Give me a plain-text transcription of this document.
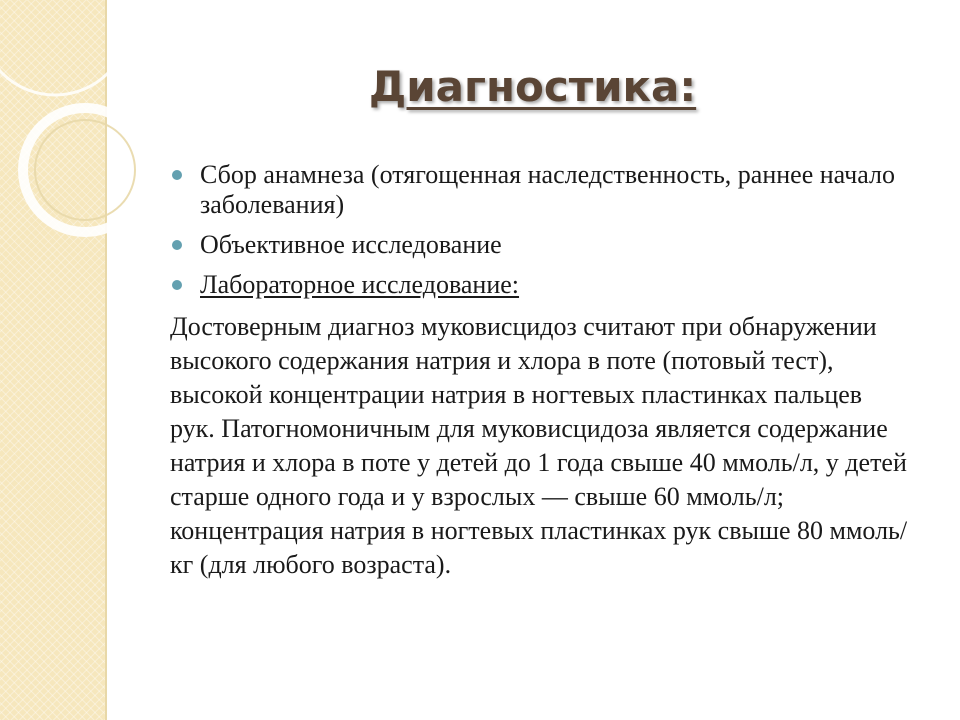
Диагностика:
Сбор анамнеза (отягощенная наследственность, раннее начало заболевания)
Объективное исследование
Лабораторное исследование:

Достоверным диагноз муковисцидоз считают при обнаружении высокого содержания натрия и хлора в поте (потовый тест), высокой концентрации натрия в ногтевых пластинках пальцев рук. Патогномоничным для муковисцидоза является содержание натрия и хлора в поте у детей до 1 года свыше 40 ммоль/л, у детей старше одного года и у взрослых — свыше 60 ммоль/л; концентрация натрия в ногтевых пластинках рук свыше 80 ммоль/кг (для любого возраста).
